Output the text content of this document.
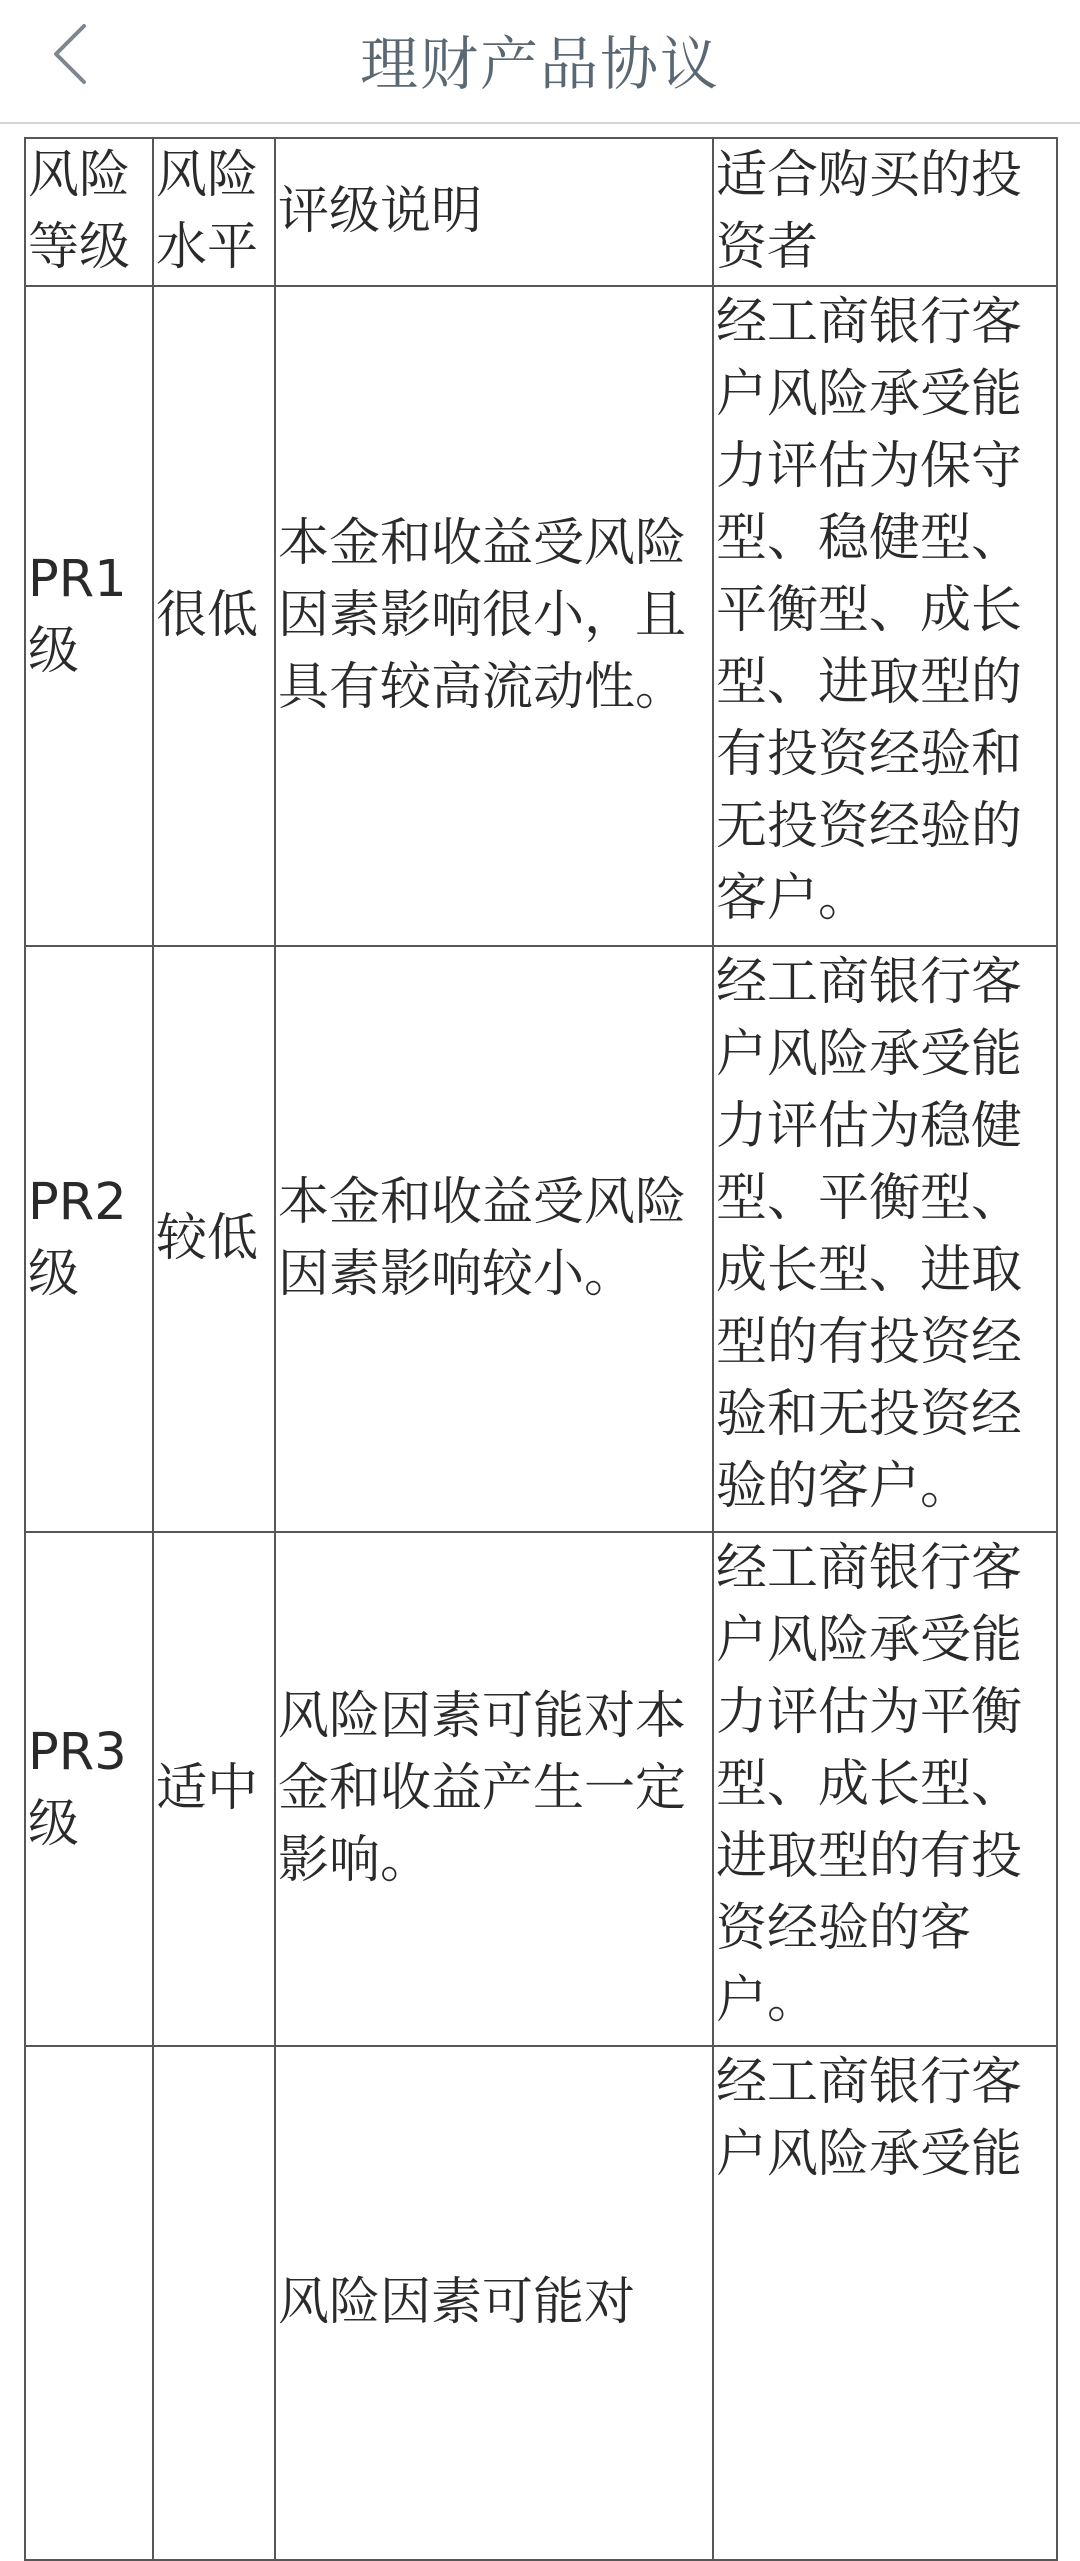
理财产品协议
风险等级	风险水平	评级说明	适合购买的投资者
PR1级	很低	本金和收益受风险因素影响很小，且具有较高流动性。	经工商银行客户风险承受能力评估为保守型、稳健型、平衡型、成长型、进取型的有投资经验和无投资经验的客户。
PR2级	较低	本金和收益受风险因素影响较小。	经工商银行客户风险承受能力评估为稳健型、平衡型、成长型、进取型的有投资经验和无投资经验的客户。
PR3级	适中	风险因素可能对本金和收益产生一定影响。	经工商银行客户风险承受能力评估为平衡型、成长型、进取型的有投资经验的客户。
		风险因素可能对	经工商银行客户风险承受能
